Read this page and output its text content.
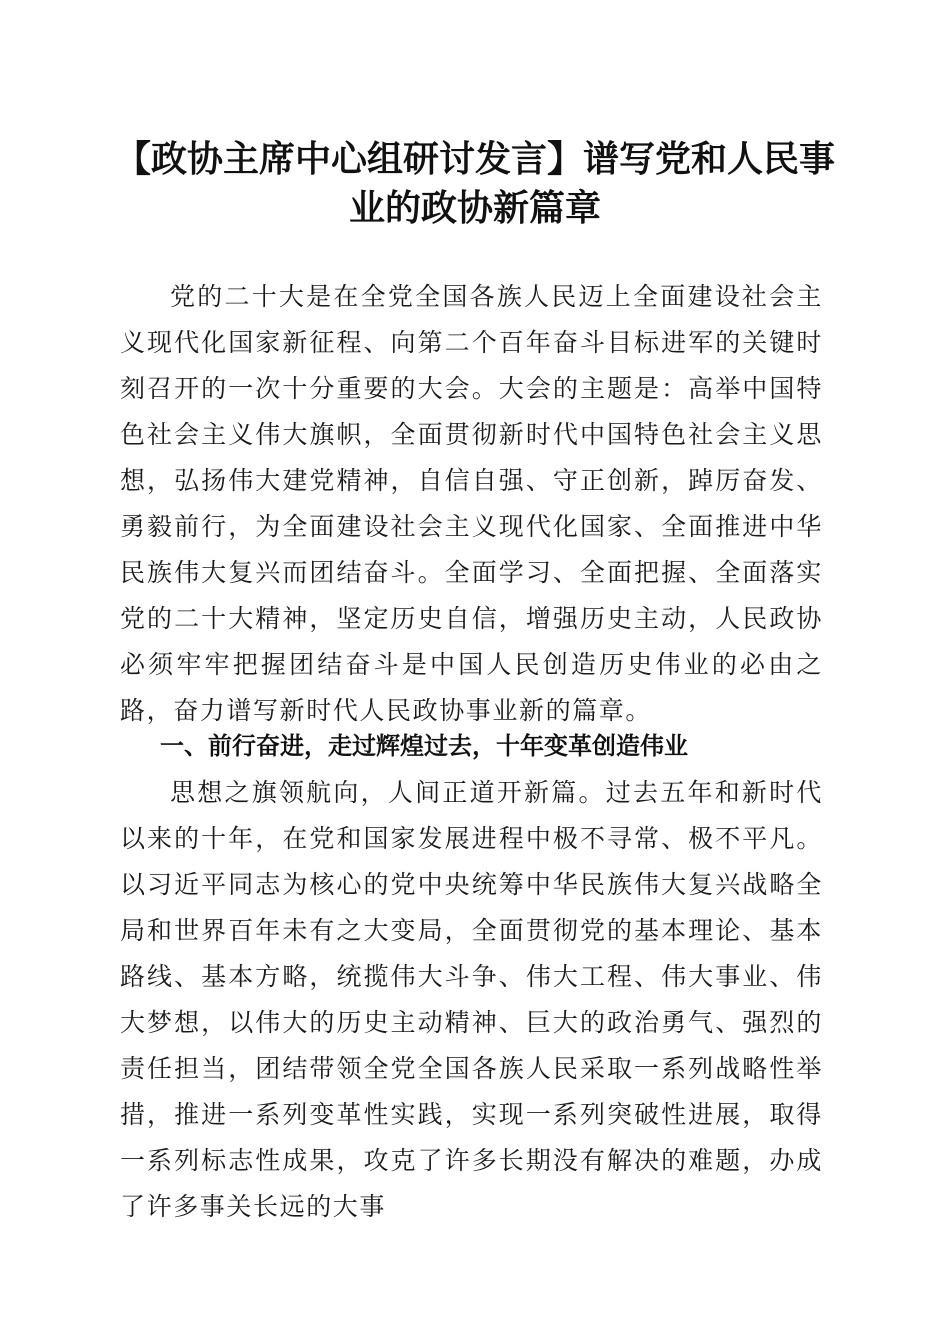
【政协主席中心组研讨发言】谱写党和人民事业的政协新篇章

党的二十大是在全党全国各族人民迈上全面建设社会主义现代化国家新征程、向第二个百年奋斗目标进军的关键时刻召开的一次十分重要的大会。大会的主题是：高举中国特色社会主义伟大旗帜，全面贯彻新时代中国特色社会主义思想，弘扬伟大建党精神，自信自强、守正创新，踔厉奋发、勇毅前行，为全面建设社会主义现代化国家、全面推进中华民族伟大复兴而团结奋斗。全面学习、全面把握、全面落实党的二十大精神，坚定历史自信，增强历史主动，人民政协必须牢牢把握团结奋斗是中国人民创造历史伟业的必由之路，奋力谱写新时代人民政协事业新的篇章。

一、前行奋进，走过辉煌过去，十年变革创造伟业

思想之旗领航向，人间正道开新篇。过去五年和新时代以来的十年，在党和国家发展进程中极不寻常、极不平凡。以习近平同志为核心的党中央统筹中华民族伟大复兴战略全局和世界百年未有之大变局，全面贯彻党的基本理论、基本路线、基本方略，统揽伟大斗争、伟大工程、伟大事业、伟大梦想，以伟大的历史主动精神、巨大的政治勇气、强烈的责任担当，团结带领全党全国各族人民采取一系列战略性举措，推进一系列变革性实践，实现一系列突破性进展，取得一系列标志性成果，攻克了许多长期没有解决的难题，办成了许多事关长远的大事
